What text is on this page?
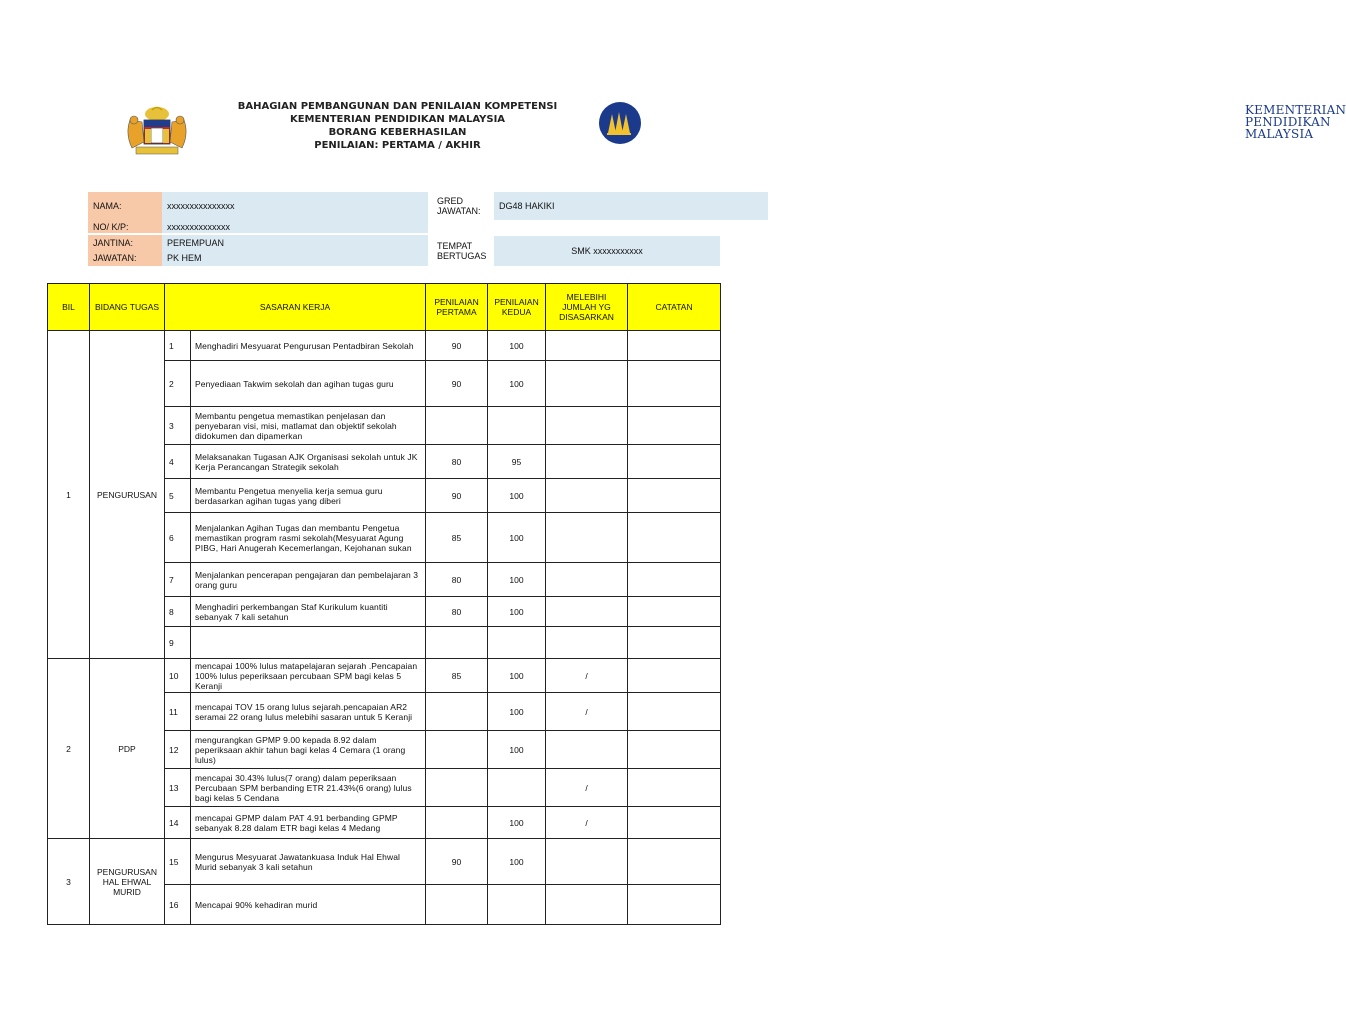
BAHAGIAN PEMBANGUNAN DAN PENILAIAN KOMPETENSI
KEMENTERIAN PENDIDIKAN MALAYSIA
BORANG KEBERHASILAN
PENILAIAN: PERTAMA / AKHIR
KEMENTERIAN
PENDIDIKAN
MALAYSIA
NAMA:	xxxxxxxxxxxxxxx
NO/ K/P:	xxxxxxxxxxxxxx
JANTINA:	PEREMPUAN
JAWATAN:	PK HEM
GRED JAWATAN:	DG48 HAKIKI
TEMPAT BERTUGAS	SMK xxxxxxxxxxx
BIL	BIDANG TUGAS	SASARAN KERJA		PENILAIAN PERTAMA	PENILAIAN KEDUA	MELEBIHI JUMLAH YG DISASARKAN	CATATAN
1	PENGURUSAN	1	Menghadiri Mesyuarat Pengurusan Pentadbiran Sekolah	90	100		
		2	Penyediaan Takwim sekolah dan agihan tugas guru	90	100		
		3	Membantu pengetua memastikan penjelasan dan penyebaran visi, misi, matlamat dan objektif sekolah didokumen dan dipamerkan				
		4	Melaksanakan Tugasan AJK Organisasi sekolah untuk JK Kerja Perancangan Strategik sekolah	80	95		
		5	Membantu Pengetua menyelia kerja semua guru berdasarkan agihan tugas yang diberi	90	100		
		6	Menjalankan Agihan Tugas dan membantu Pengetua memastikan program rasmi sekolah(Mesyuarat Agung PIBG, Hari Anugerah Kecemerlangan, Kejohanan sukan	85	100		
		7	Menjalankan pencerapan pengajaran dan pembelajaran 3 orang guru	80	100		
		8	Menghadiri perkembangan Staf Kurikulum kuantiti sebanyak 7 kali setahun	80	100		
		9					
2	PDP	10	mencapai 100% lulus matapelajaran sejarah .Pencapaian 100% lulus peperiksaan percubaan SPM bagi kelas 5 Keranji	85	100	/	
		11	mencapai TOV 15 orang lulus sejarah.pencapaian AR2 seramai 22 orang lulus melebihi sasaran untuk 5 Keranji		100	/	
		12	mengurangkan GPMP 9.00 kepada 8.92 dalam peperiksaan akhir tahun bagi kelas 4 Cemara (1 orang lulus)		100		
		13	mencapai 30.43% lulus(7 orang) dalam peperiksaan Percubaan SPM berbanding ETR 21.43%(6 orang) lulus bagi kelas 5 Cendana			/	
		14	mencapai GPMP dalam PAT 4.91 berbanding GPMP sebanyak 8.28 dalam ETR bagi kelas 4 Medang		100	/	
3	PENGURUSAN HAL EHWAL MURID	15	Mengurus Mesyuarat Jawatankuasa Induk Hal Ehwal Murid sebanyak 3 kali setahun	90	100		
		16	Mencapai 90% kehadiran murid				
